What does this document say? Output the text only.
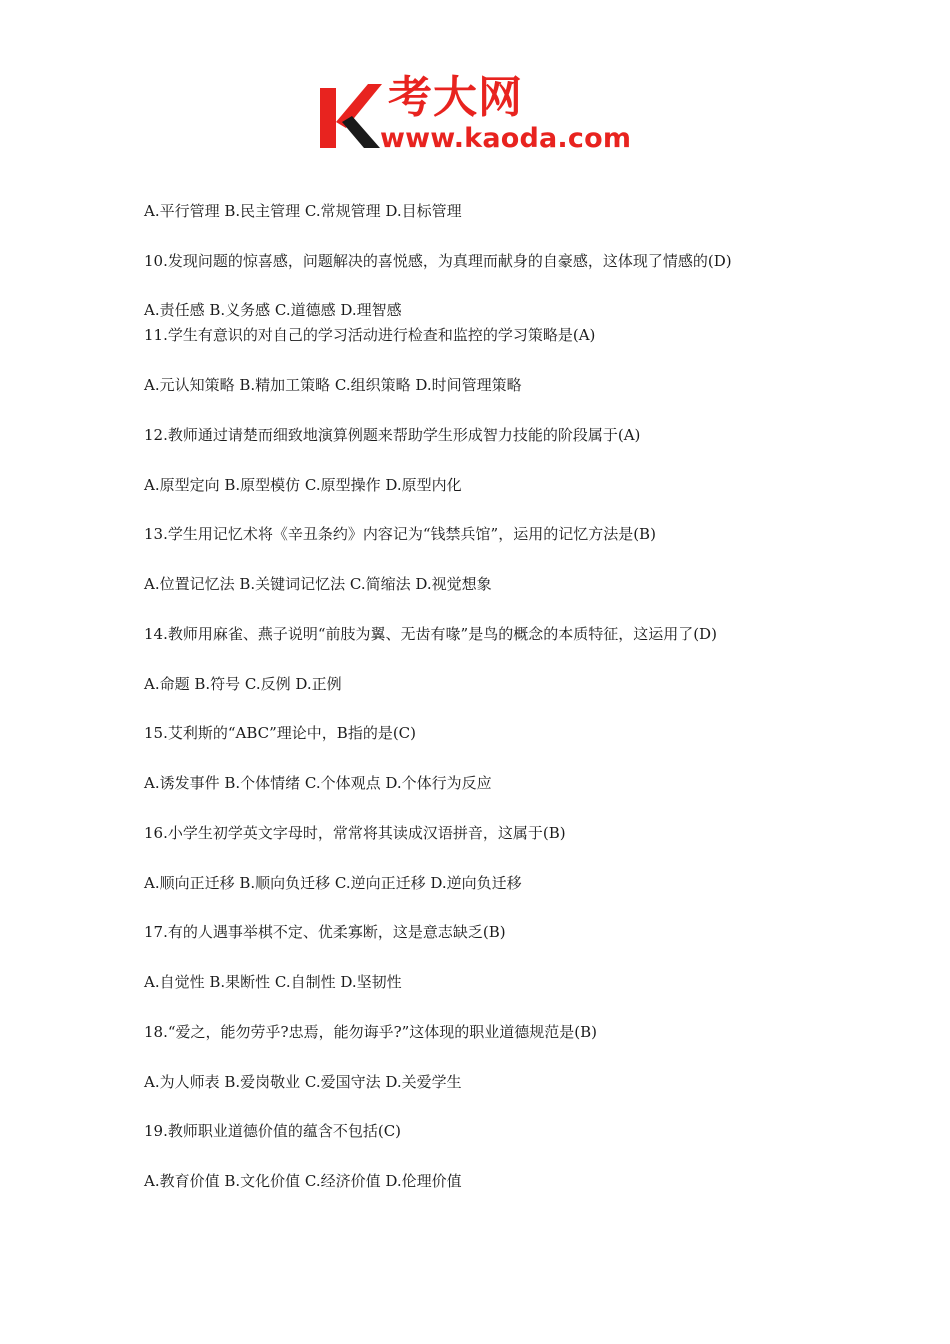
考大网
www.kaoda.com
A.平行管理 B.民主管理 C.常规管理 D.目标管理
10.发现问题的惊喜感，问题解决的喜悦感，为真理而献身的自豪感，这体现了情感的(D)
A.责任感 B.义务感 C.道德感 D.理智感
11.学生有意识的对自己的学习活动进行检查和监控的学习策略是(A)
A.元认知策略 B.精加工策略 C.组织策略 D.时间管理策略
12.教师通过请楚而细致地演算例题来帮助学生形成智力技能的阶段属于(A)
A.原型定向 B.原型模仿 C.原型操作 D.原型内化
13.学生用记忆术将《辛丑条约》内容记为“钱禁兵馆”，运用的记忆方法是(B)
A.位置记忆法 B.关键词记忆法 C.简缩法 D.视觉想象
14.教师用麻雀、燕子说明“前肢为翼、无齿有喙”是鸟的概念的本质特征，这运用了(D)
A.命题 B.符号 C.反例 D.正例
15.艾利斯的“ABC”理论中，B指的是(C)
A.诱发事件 B.个体情绪 C.个体观点 D.个体行为反应
16.小学生初学英文字母时，常常将其读成汉语拼音，这属于(B)
A.顺向正迁移 B.顺向负迁移 C.逆向正迁移 D.逆向负迁移
17.有的人遇事举棋不定、优柔寡断，这是意志缺乏(B)
A.自觉性 B.果断性 C.自制性 D.坚韧性
18.“爱之，能勿劳乎?忠焉，能勿诲乎?”这体现的职业道德规范是(B)
A.为人师表 B.爱岗敬业 C.爱国守法 D.关爱学生
19.教师职业道德价值的蕴含不包括(C)
A.教育价值 B.文化价值 C.经济价值 D.伦理价值
